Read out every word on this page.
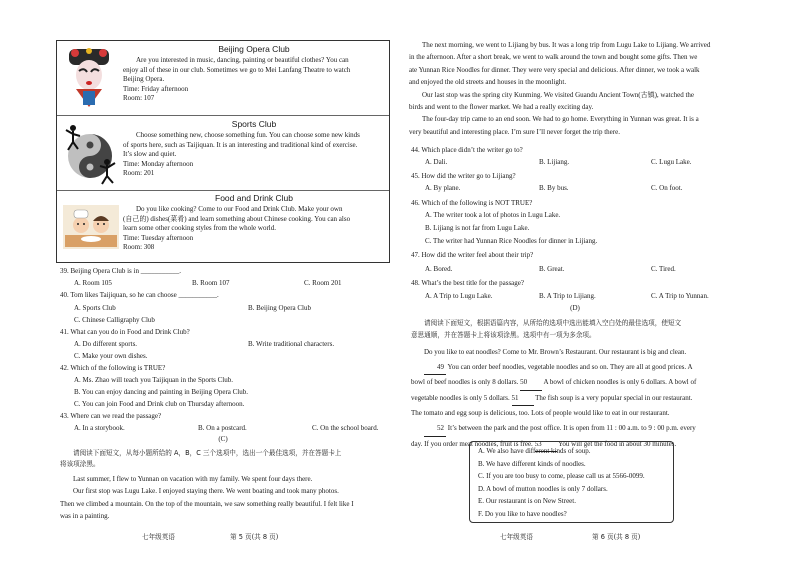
Beijing Opera Club
Are you interested in music, dancing, painting or beautiful clothes? You can
enjoy all of these in our club. Sometimes we go to Mei Lanfang Theatre to watch
Beijing Opera.
Time: Friday afternoon
Room: 107
Sports Club
Choose something new, choose something fun. You can choose some new kinds
of sports here, such as Taijiquan. It is an interesting and traditional kind of exercise.
It’s slow and quiet.
Time: Monday afternoon
Room: 201
Food and Drink Club
Do you like cooking? Come to our Food and Drink Club. Make your own
(自己的) dishes(菜肴) and learn something about Chinese cooking. You can also
learn some other cooking styles from the whole world.
Time: Tuesday afternoon
Room: 308
39. Beijing Opera Club is in ___________.
A. Room 105	B. Room 107	C. Room 201
40. Tom likes Taijiquan, so he can choose ___________.
A. Sports Club	B. Beijing Opera Club
C. Chinese Calligraphy Club
41. What can you do in Food and Drink Club?
A. Do different sports.	B. Write traditional characters.
C. Make your own dishes.
42. Which of the following is TRUE?
A. Ms. Zhao will teach you Taijiquan in the Sports Club.
B. You can enjoy dancing and painting in Beijing Opera Club.
C. You can join Food and Drink club on Thursday afternoon.
43. Where can we read the passage?
A. In a storybook.	B. On a postcard.	C. On the school board.
(C)
请阅读下面短文，从每小题所给的 A，B，C 三个选项中，选出一个最佳选项，并在答题卡上
将该项涂黑。
Last summer, I flew to Yunnan on vacation with my family. We spent four days there.
Our first stop was Lugu Lake. I enjoyed staying there. We went boating and took many photos.
Then we climbed a mountain. On the top of the mountain, we saw something really beautiful. I felt like I
was in a painting.
七年级英语	第 5 页(共 8 页)
The next morning, we went to Lijiang by bus. It was a long trip from Lugu Lake to Lijiang. We arrived
in the afternoon. After a short break, we went to walk around the town and bought some gifts. Then we
ate Yunnan Rice Noodles for dinner. They were very special and delicious. After dinner, we took a walk
and enjoyed the old streets and houses in the moonlight.
Our last stop was the spring city Kunming. We visited Guandu Ancient Town(古镇), watched the
birds and went to the flower market. We had a really exciting day.
The four-day trip came to an end soon. We had to go home. Everything in Yunnan was great. It is a
very beautiful and interesting place. I’m sure I’ll never forget the trip there.
44. Which place didn’t the writer go to?
A. Dali.	B. Lijiang.	C. Lugu Lake.
45. How did the writer go to Lijiang?
A. By plane.	B. By bus.	C. On foot.
46. Which of the following is NOT TRUE?
A. The writer took a lot of photos in Lugu Lake.
B. Lijiang is not far from Lugu Lake.
C. The writer had Yunnan Rice Noodles for dinner in Lijiang.
47. How did the writer feel about their trip?
A. Bored.	B. Great.	C. Tired.
48. What’s the best title for the passage?
A. A Trip to Lugu Lake.	B. A Trip to Lijiang.	C. A Trip to Yunnan.
(D)
请阅读下面短文，根据语篇内容，从所给的选项中选出能填入空白处的最佳选项，使短文
意思通顺，并在答题卡上将该项涂黑。选项中有一项为多余项。
Do you like to eat noodles? Come to Mr. Brown’s Restaurant. Our restaurant is big and clean.
49 You can order beef noodles, vegetable noodles and so on. They are all at good prices. A
bowl of beef noodles is only 8 dollars. 50 A bowl of chicken noodles is only 6 dollars. A bowl of
vegetable noodles is only 5 dollars. 51 The fish soup is a very popular special in our restaurant.
The tomato and egg soup is delicious, too. Lots of people would like to eat in our restaurant.
52 It’s between the park and the post office. It is open from 11 : 00 a.m. to 9 : 00 p.m. every
day. If you order meat noodles, fruit is free. 53 You will get the food in about 30 minutes.
A. We also have different kinds of soup.
B. We have different kinds of noodles.
C. If you are too busy to come, please call us at 5566-0099.
D. A bowl of mutton noodles is only 7 dollars.
E. Our restaurant is on New Street.
F. Do you like to have noodles?
七年级英语	第 6 页(共 8 页)
